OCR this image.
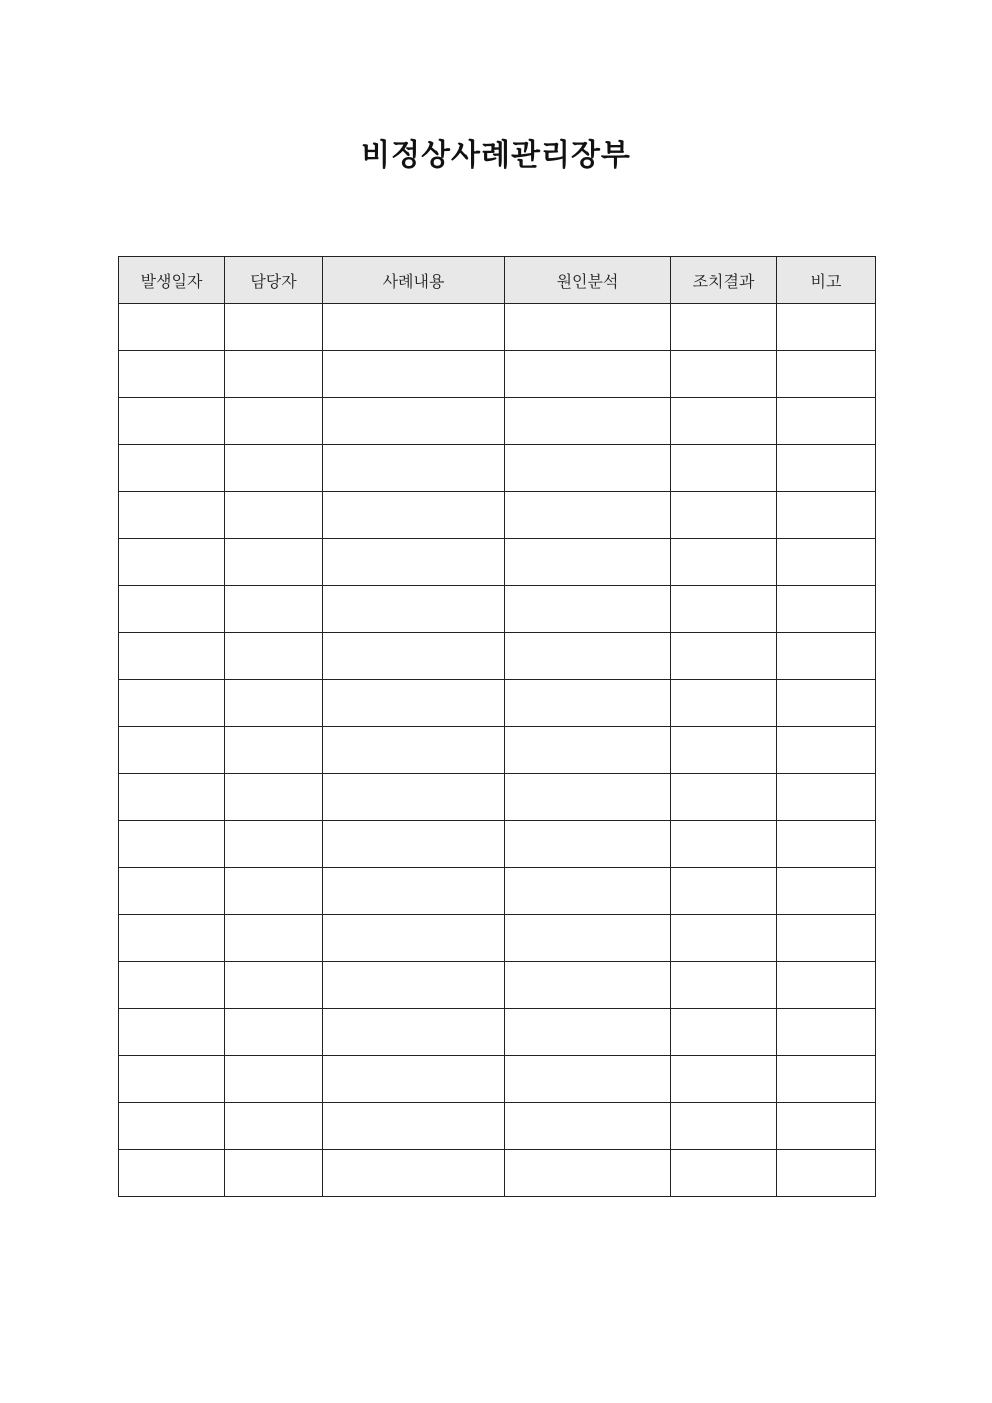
비정상사례관리장부
발생일자	담당자	사례내용	원인분석	조치결과	비고
